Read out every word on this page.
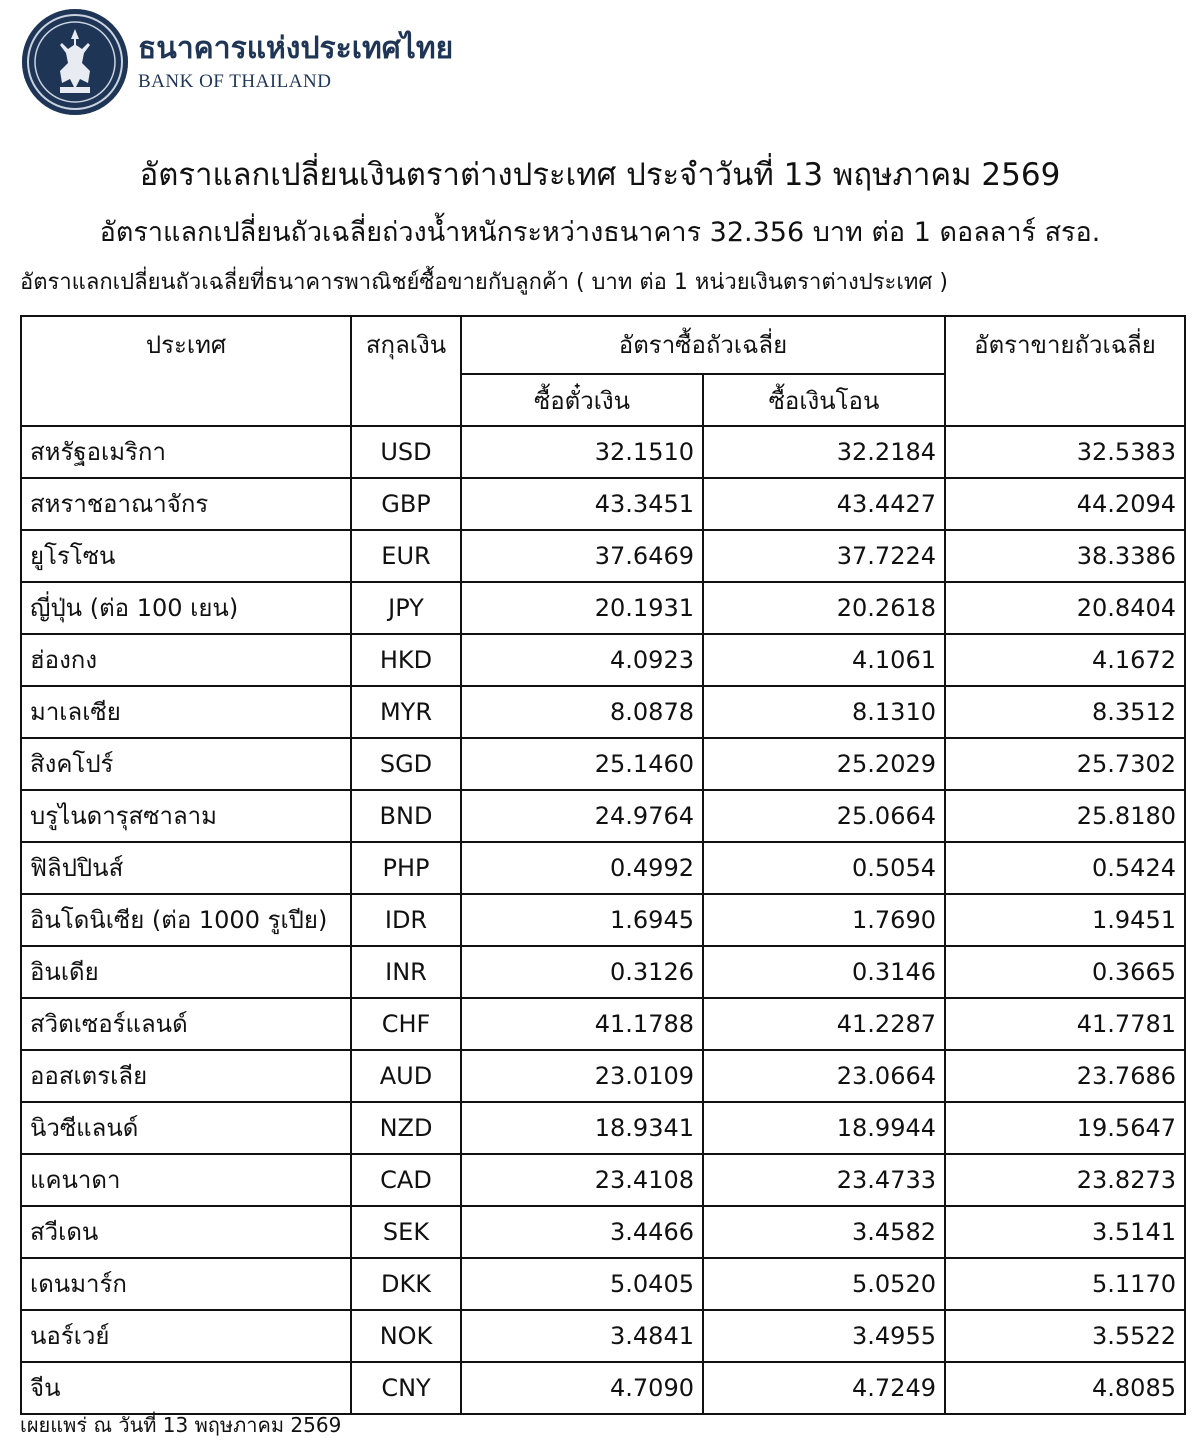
ธนาคารแห่งประเทศไทย
BANK OF THAILAND
อัตราแลกเปลี่ยนเงินตราต่างประเทศ ประจำวันที่ 13 พฤษภาคม 2569
อัตราแลกเปลี่ยนถัวเฉลี่ยถ่วงน้ำหนักระหว่างธนาคาร 32.356 บาท ต่อ 1 ดอลลาร์ สรอ.
อัตราแลกเปลี่ยนถัวเฉลี่ยที่ธนาคารพาณิชย์ซื้อขายกับลูกค้า ( บาท ต่อ 1 หน่วยเงินตราต่างประเทศ )
ประเทศ	สกุลเงิน	อัตราซื้อถัวเฉลี่ย		อัตราขายถัวเฉลี่ย
		ซื้อตั๋วเงิน	ซื้อเงินโอน	
สหรัฐอเมริกา	USD	32.1510	32.2184	32.5383
สหราชอาณาจักร	GBP	43.3451	43.4427	44.2094
ยูโรโซน	EUR	37.6469	37.7224	38.3386
ญี่ปุ่น (ต่อ 100 เยน)	JPY	20.1931	20.2618	20.8404
ฮ่องกง	HKD	4.0923	4.1061	4.1672
มาเลเซีย	MYR	8.0878	8.1310	8.3512
สิงคโปร์	SGD	25.1460	25.2029	25.7302
บรูไนดารุสซาลาม	BND	24.9764	25.0664	25.8180
ฟิลิปปินส์	PHP	0.4992	0.5054	0.5424
อินโดนิเซีย (ต่อ 1000 รูเปีย)	IDR	1.6945	1.7690	1.9451
อินเดีย	INR	0.3126	0.3146	0.3665
สวิตเซอร์แลนด์	CHF	41.1788	41.2287	41.7781
ออสเตรเลีย	AUD	23.0109	23.0664	23.7686
นิวซีแลนด์	NZD	18.9341	18.9944	19.5647
แคนาดา	CAD	23.4108	23.4733	23.8273
สวีเดน	SEK	3.4466	3.4582	3.5141
เดนมาร์ก	DKK	5.0405	5.0520	5.1170
นอร์เวย์	NOK	3.4841	3.4955	3.5522
จีน	CNY	4.7090	4.7249	4.8085
เผยแพร่ ณ วันที่ 13 พฤษภาคม 2569
